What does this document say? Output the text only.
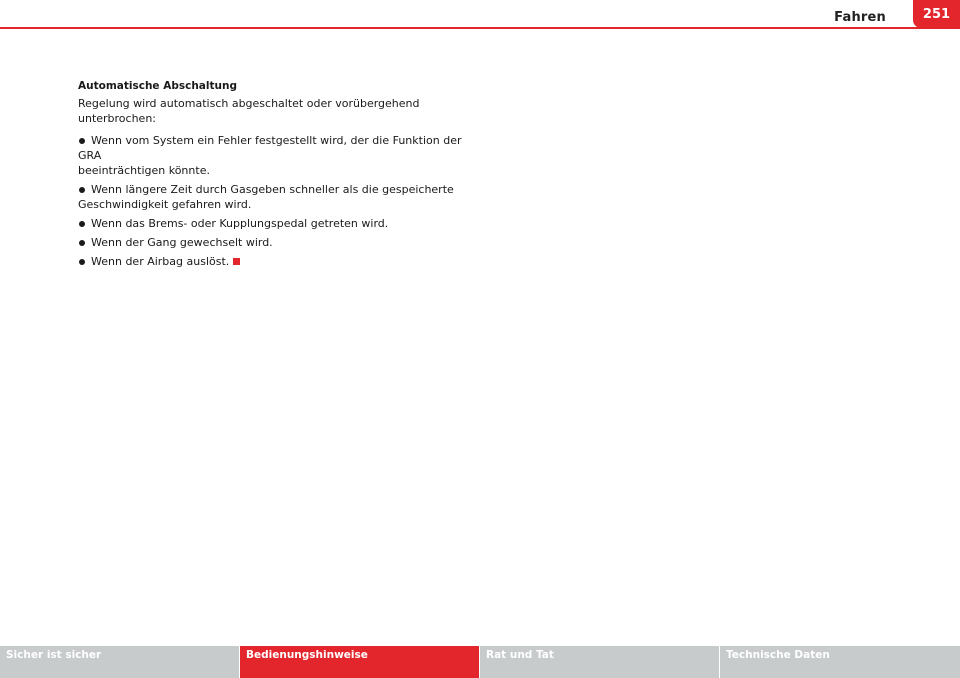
Fahren	251
Automatische Abschaltung
Regelung wird automatisch abgeschaltet oder vorübergehend unterbrochen:
Wenn vom System ein Fehler festgestellt wird, der die Funktion der GRA
beeinträchtigen könnte.
Wenn längere Zeit durch Gasgeben schneller als die gespeicherte
Geschwindigkeit gefahren wird.
Wenn das Brems- oder Kupplungspedal getreten wird.
Wenn der Gang gewechselt wird.
Wenn der Airbag auslöst.
Sicher ist sicher	Bedienungshinweise	Rat und Tat	Technische Daten
